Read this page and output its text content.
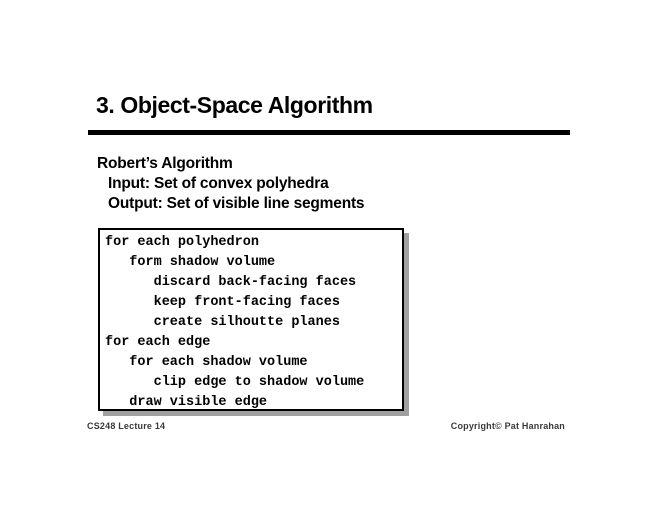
3. Object-Space Algorithm
Robert’s Algorithm
Input: Set of convex polyhedra
Output: Set of visible line segments
for each polyhedron
form shadow volume
discard back-facing faces
keep front-facing faces
create silhoutte planes
for each edge
for each shadow volume
clip edge to shadow volume
draw visible edge
CS248 Lecture 14	Copyright© Pat Hanrahan
